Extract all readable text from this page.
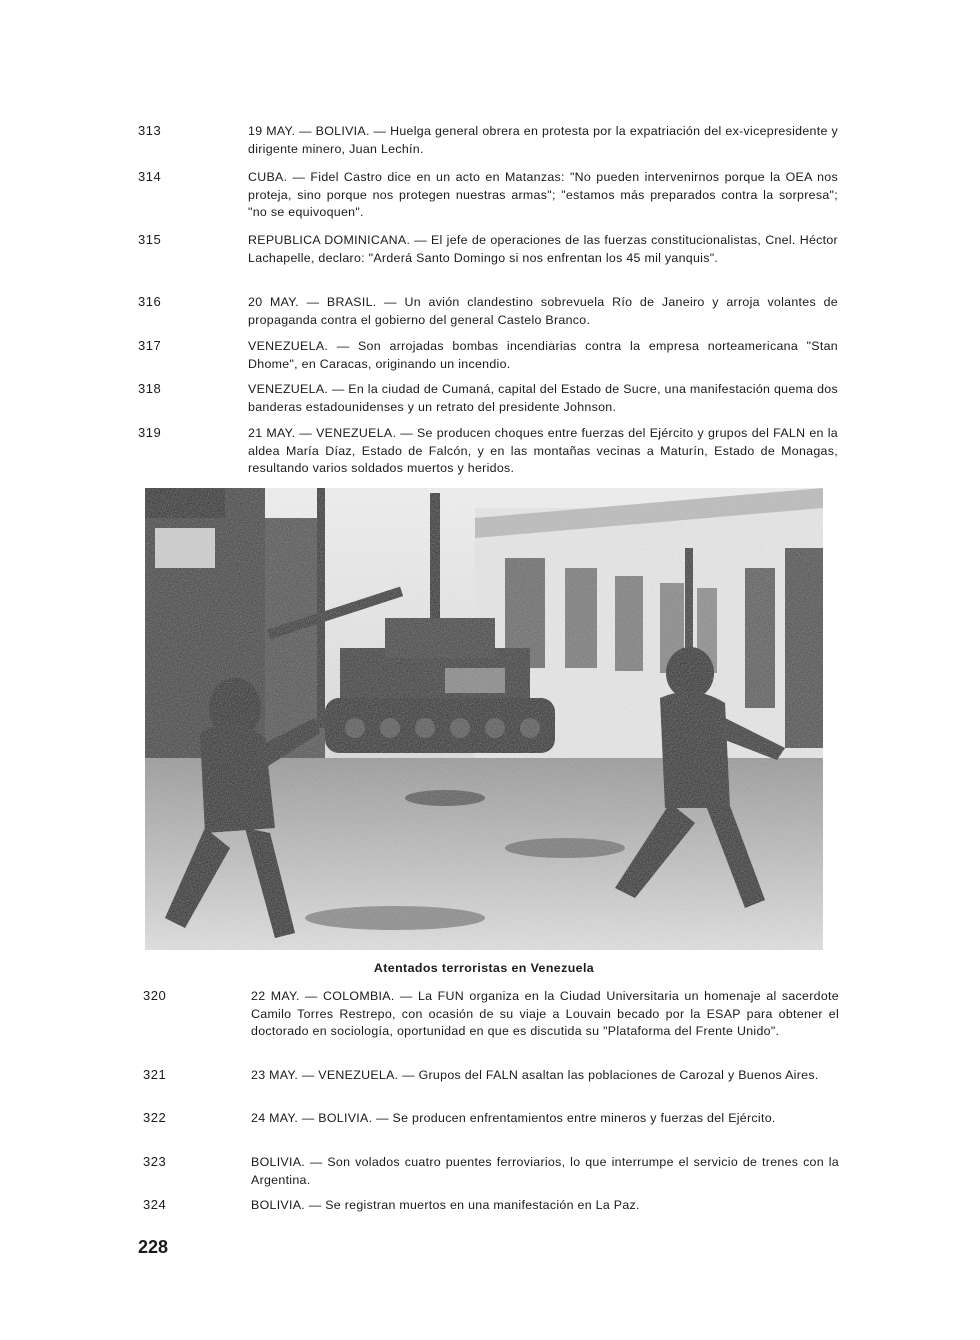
313	19 MAY. — BOLIVIA. — Huelga general obrera en protesta por la expatriación del ex-vicepresidente y dirigente minero, Juan Lechín.
314	CUBA. — Fidel Castro dice en un acto en Matanzas: "No pueden intervenirnos porque la OEA nos proteja, sino porque nos protegen nuestras armas"; "estamos más preparados contra la sorpresa"; "no se equivoquen".
315	REPUBLICA DOMINICANA. — El jefe de operaciones de las fuerzas constitucionalistas, Cnel. Héctor Lachapelle, declaro: "Arderá Santo Domingo si nos enfrentan los 45 mil yanquis".
316	20 MAY. — BRASIL. — Un avión clandestino sobrevuela Río de Janeiro y arroja volantes de propaganda contra el gobierno del general Castelo Branco.
317	VENEZUELA. — Son arrojadas bombas incendiarias contra la empresa norteamericana "Stan Dhome", en Caracas, originando un incendio.
318	VENEZUELA. — En la ciudad de Cumaná, capital del Estado de Sucre, una manifestación quema dos banderas estadounidenses y un retrato del presidente Johnson.
319	21 MAY. — VENEZUELA. — Se producen choques entre fuerzas del Ejército y grupos del FALN en la aldea María Díaz, Estado de Falcón, y en las montañas vecinas a Maturín, Estado de Monagas, resultando varios soldados muertos y heridos.
Atentados terroristas en Venezuela
320	22 MAY. — COLOMBIA. — La FUN organiza en la Ciudad Universitaria un homenaje al sacerdote Camilo Torres Restrepo, con ocasión de su viaje a Louvain becado por la ESAP para obtener el doctorado en sociología, oportunidad en que es discutida su "Plataforma del Frente Unido".
321	23 MAY. — VENEZUELA. — Grupos del FALN asaltan las poblaciones de Carozal y Buenos Aires.
322	24 MAY. — BOLIVIA. — Se producen enfrentamientos entre mineros y fuerzas del Ejército.
323	BOLIVIA. — Son volados cuatro puentes ferroviarios, lo que interrumpe el servicio de trenes con la Argentina.
324	BOLIVIA. — Se registran muertos en una manifestación en La Paz.
228
